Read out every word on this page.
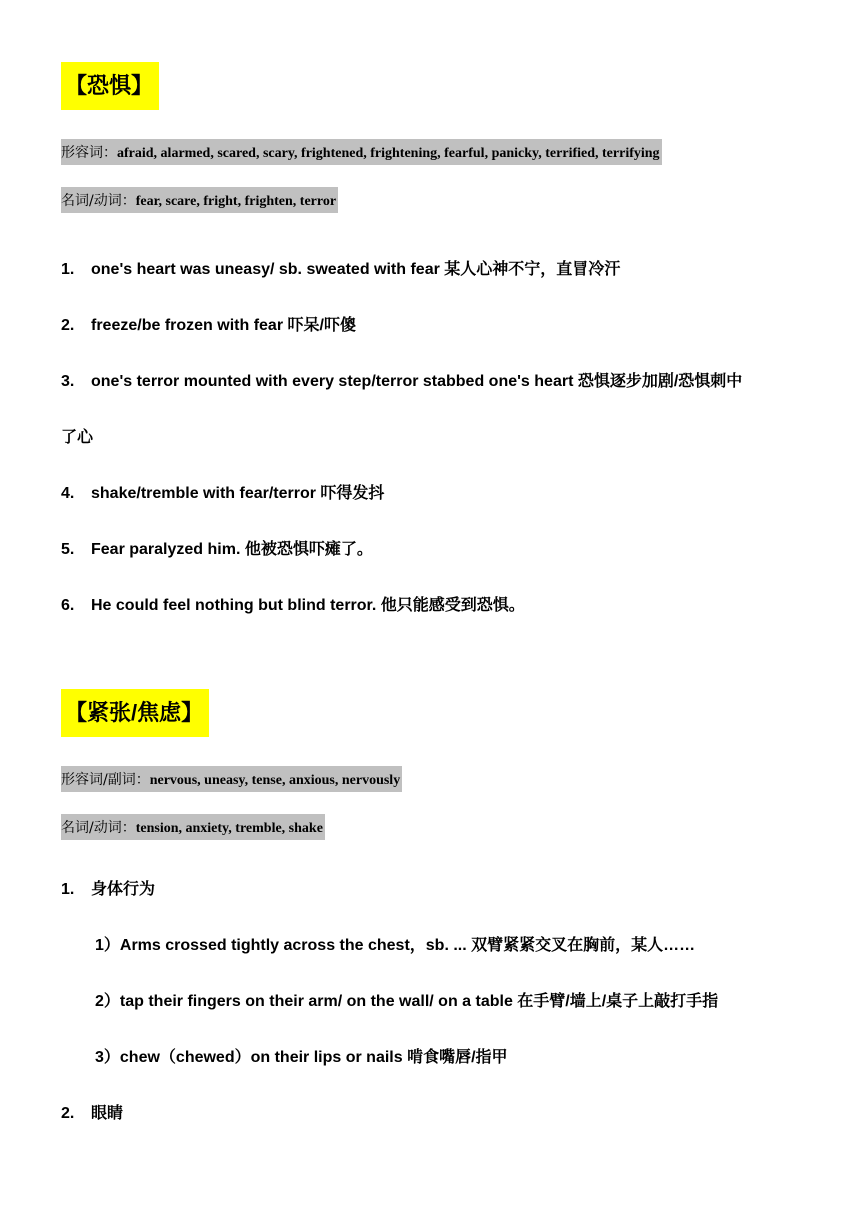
【恐惧】
形容词：afraid, alarmed, scared, scary, frightened, frightening, fearful, panicky, terrified, terrifying
名词/动词：fear, scare, fright, frighten, terror
1. one's heart was uneasy/ sb. sweated with fear 某人心神不宁，直冒冷汗
2. freeze/be frozen with fear 吓呆/吓傻
3. one's terror mounted with every step/terror stabbed one's heart 恐惧逐步加剧/恐惧刺中
了心
4. shake/tremble with fear/terror 吓得发抖
5. Fear paralyzed him. 他被恐惧吓瘫了。
6. He could feel nothing but blind terror. 他只能感受到恐惧。
【紧张/焦虑】
形容词/副词：nervous, uneasy, tense, anxious, nervously
名词/动词：tension, anxiety, tremble, shake
1. 身体行为
1）Arms crossed tightly across the chest，sb. ... 双臂紧紧交叉在胸前，某人……
2）tap their fingers on their arm/ on the wall/ on a table 在手臂/墙上/桌子上敲打手指
3）chew（chewed）on their lips or nails 啃食嘴唇/指甲
2. 眼睛
